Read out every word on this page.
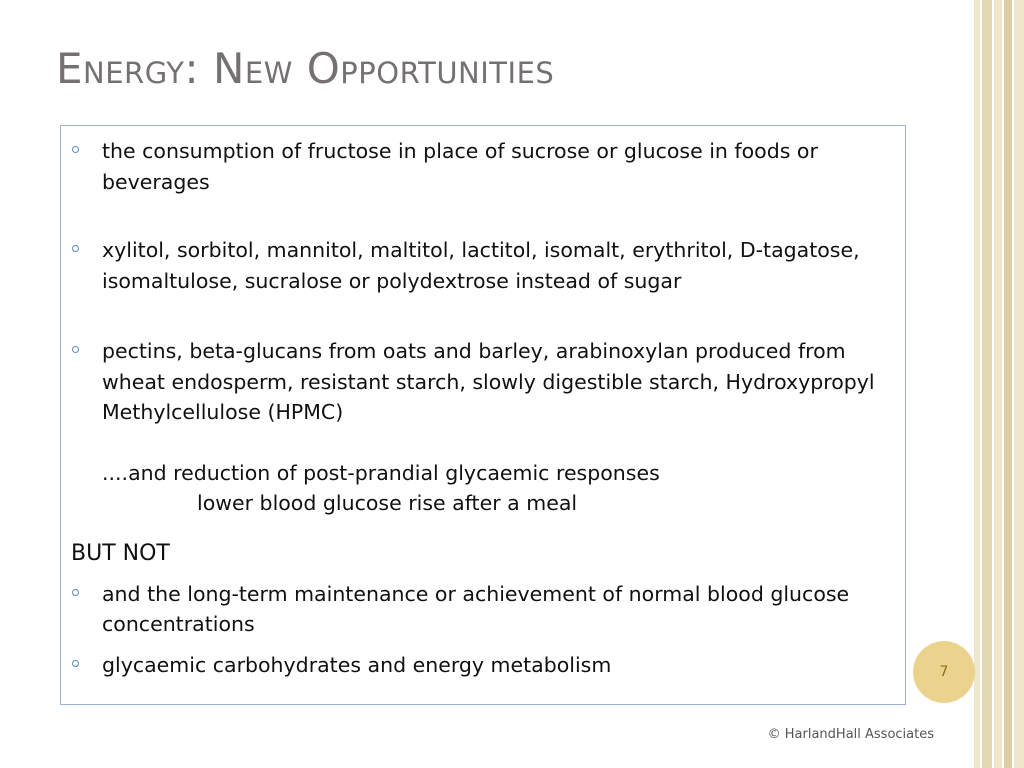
Energy: New Opportunities
the consumption of fructose in place of sucrose or glucose in foods or beverages
xylitol, sorbitol, mannitol, maltitol, lactitol, isomalt, erythritol, D-tagatose, isomaltulose, sucralose or polydextrose instead of sugar
pectins, beta-glucans from oats and barley, arabinoxylan produced from wheat endosperm, resistant starch, slowly digestible starch, Hydroxypropyl Methylcellulose (HPMC)
....and reduction of post-prandial glycaemic responses
lower blood glucose rise after a meal
BUT NOT
and the long-term maintenance or achievement of normal blood glucose concentrations
glycaemic carbohydrates and energy metabolism	7
© HarlandHall Associates
